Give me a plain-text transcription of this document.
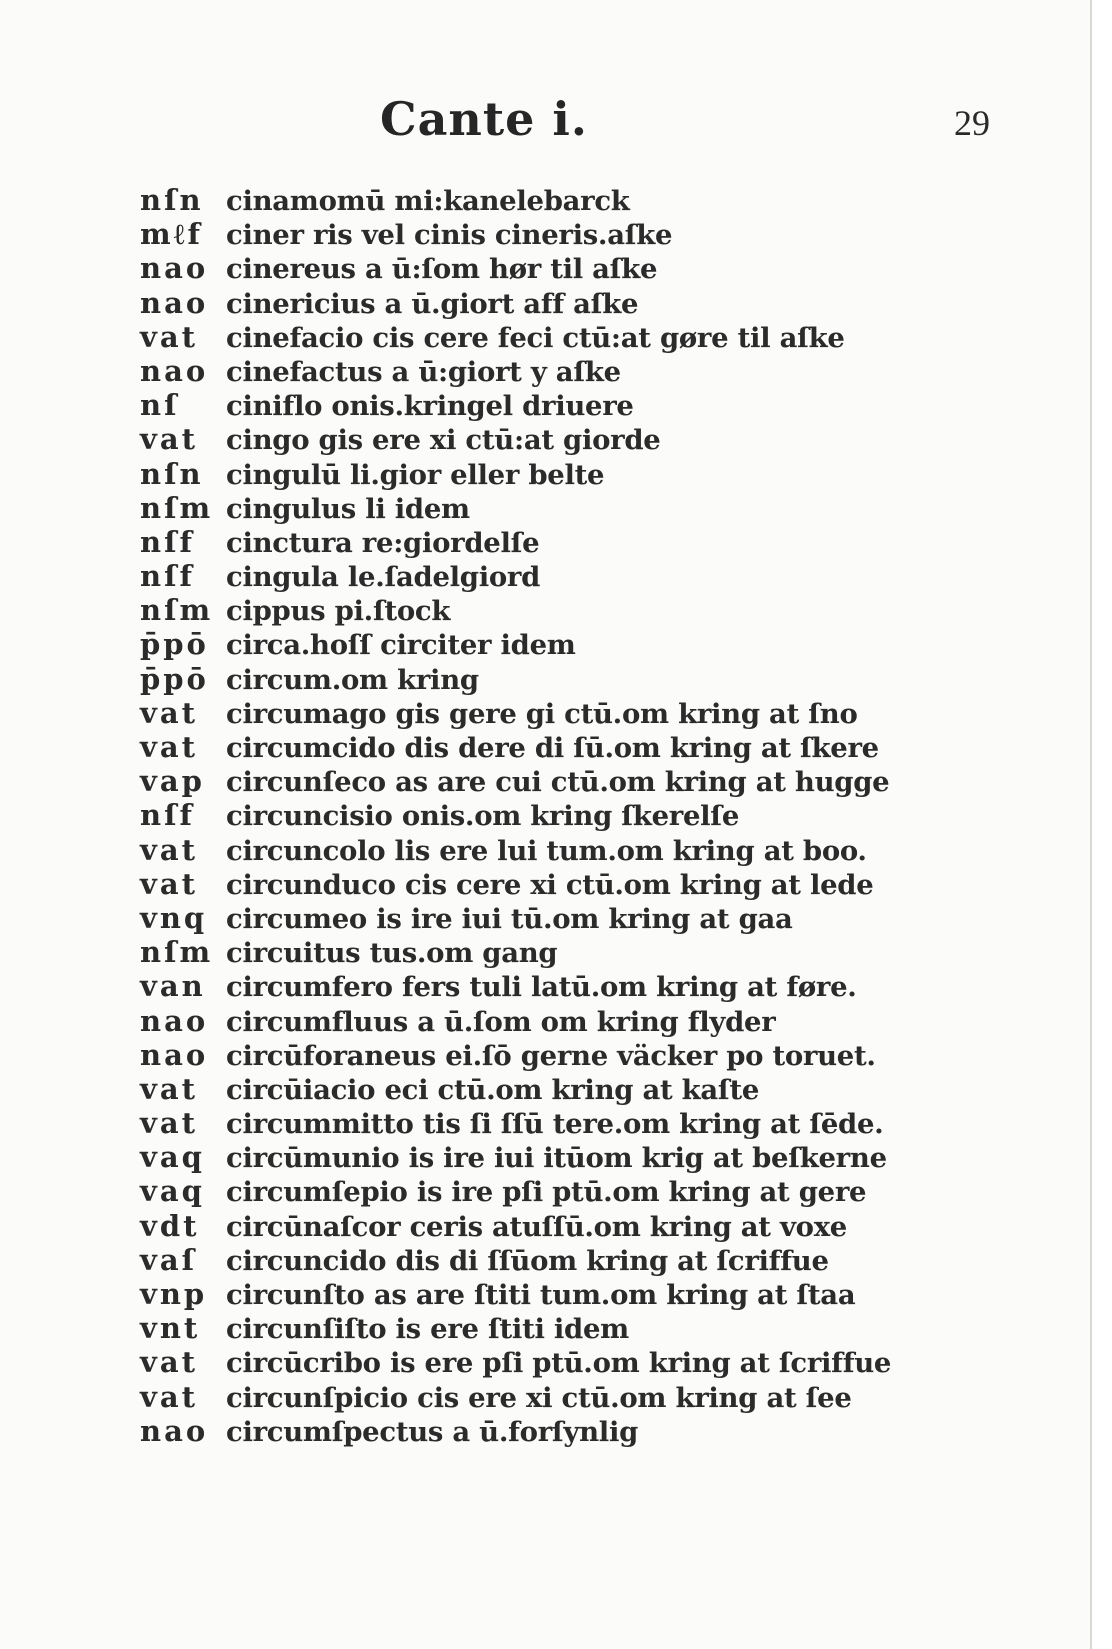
Cante i.	29
nſn cinamomū mi:kanelebarck
mℓf ciner ris vel cinis cineris.aſke
nao cinereus a ū:ſom hør til aſke
nao cinericius a ū.giort aff aſke
vat	cinefacio cis cere feci ctū:at gøre til aſke
nao cinefactus a ū:giort y aſke
nſ	ciniflo onis.kringel driuere
vat	cingo gis ere xi ctū:at giorde
nſn cingulū li.gior eller belte
nſm cingulus li idem
nſf	cinctura re:giordelſe
nſf	cingula le.ſadelgiord
nſm cippus pi.ſtock
p̄pō circa.hoſſ circiter idem
p̄pō circum.om kring
vat	circumago gis gere gi ctū.om kring at ſno
vat	circumcido dis dere di ſū.om kring at ſkere
vap circunſeco as are cui ctū.om kring at hugge
nſf	circuncisio onis.om kring ſkerelſe
vat	circuncolo lis ere lui tum.om kring at boo.
vat	circunduco cis cere xi ctū.om kring at lede
vnq circumeo is ire iui tū.om kring at gaa
nſm circuitus tus.om gang
van circumfero fers tuli latū.om kring at føre.
nao circumfluus a ū.ſom om kring flyder
nao circūforaneus ei.ſō gerne väcker po toruet.
vat	circūiacio eci ctū.om kring at kaſte
vat	circummitto tis ſi ſſū tere.om kring at ſēde.
vaq circūmunio is ire iui itūom krig at beſkerne
vaq circumſepio is ire pſi ptū.om kring at gere
vdt circūnaſcor ceris atuſſū.om kring at voxe
vaſ	circuncido dis di ſſūom kring at ſcriffue
vnp circunſto as are ſtiti tum.om kring at ſtaa
vnt circunſiſto is ere ſtiti idem
vat	circūcribo is ere pſi ptū.om kring at ſcriffue
vat	circunſpicio cis ere xi ctū.om kring at ſee
nao circumſpectus a ū.forſynlig
